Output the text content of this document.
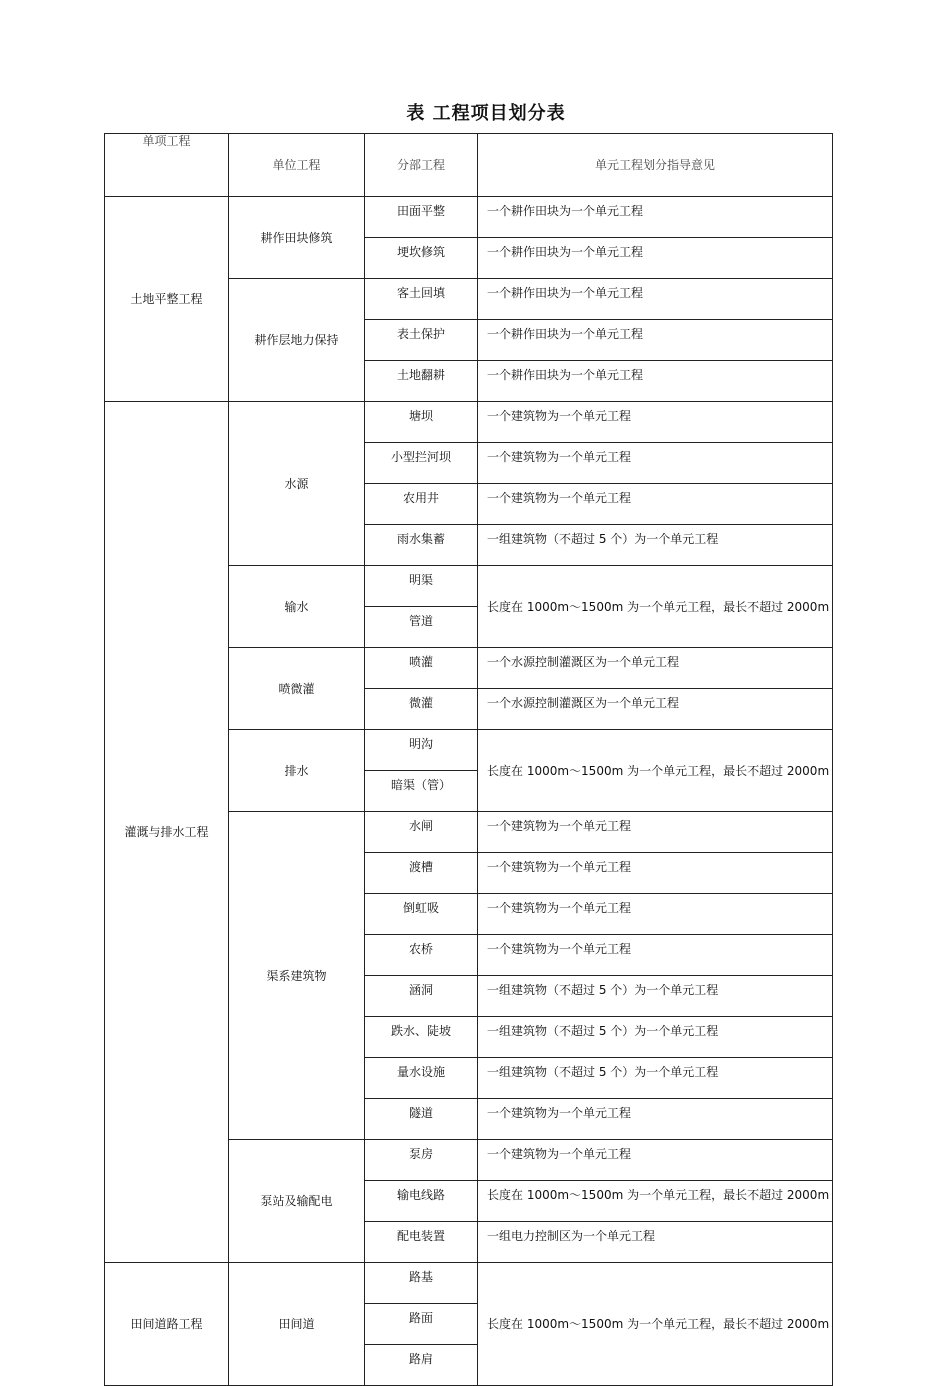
表 工程项目划分表
单项工程	单位工程	分部工程	单元工程划分指导意见
土地平整工程	耕作田块修筑	田面平整	一个耕作田块为一个单元工程
		埂坎修筑	一个耕作田块为一个单元工程
	耕作层地力保持	客土回填	一个耕作田块为一个单元工程
		表土保护	一个耕作田块为一个单元工程
		土地翻耕	一个耕作田块为一个单元工程
灌溉与排水工程	水源	塘坝	一个建筑物为一个单元工程
		小型拦河坝	一个建筑物为一个单元工程
		农用井	一个建筑物为一个单元工程
		雨水集蓄	一组建筑物（不超过 5 个）为一个单元工程
	输水	明渠	长度在 1000m～1500m 为一个单元工程，最长不超过 2000m
		管道	
	喷微灌	喷灌	一个水源控制灌溉区为一个单元工程
		微灌	一个水源控制灌溉区为一个单元工程
	排水	明沟	长度在 1000m～1500m 为一个单元工程，最长不超过 2000m
		暗渠（管）	
	渠系建筑物	水闸	一个建筑物为一个单元工程
		渡槽	一个建筑物为一个单元工程
		倒虹吸	一个建筑物为一个单元工程
		农桥	一个建筑物为一个单元工程
		涵洞	一组建筑物（不超过 5 个）为一个单元工程
		跌水、陡坡	一组建筑物（不超过 5 个）为一个单元工程
		量水设施	一组建筑物（不超过 5 个）为一个单元工程
		隧道	一个建筑物为一个单元工程
	泵站及输配电	泵房	一个建筑物为一个单元工程
		输电线路	长度在 1000m～1500m 为一个单元工程，最长不超过 2000m
		配电装置	一组电力控制区为一个单元工程
田间道路工程	田间道	路基	长度在 1000m～1500m 为一个单元工程，最长不超过 2000m
		路面	
		路肩	
